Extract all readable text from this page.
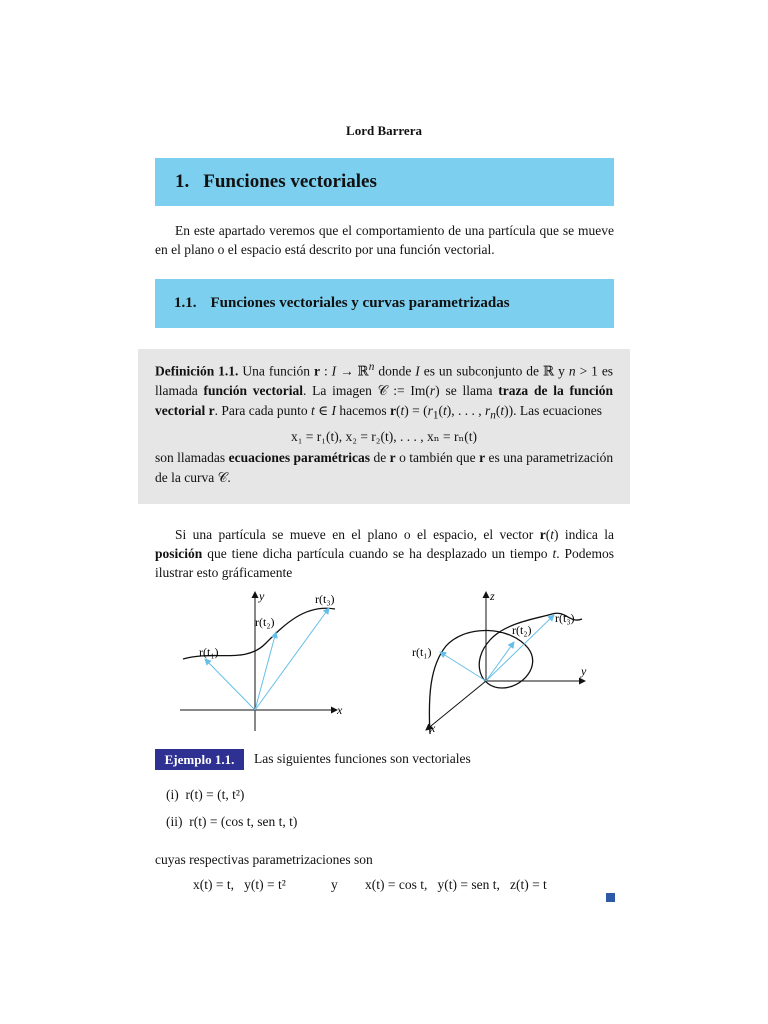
Lord Barrera
1. Funciones vectoriales
En este apartado veremos que el comportamiento de una partícula que se mueve en el plano o el espacio está descrito por una función vectorial.
1.1. Funciones vectoriales y curvas parametrizadas
Definición 1.1. Una función r : I → ℝ$^n$ donde I es un subconjunto de ℝ y n > 1 es llamada función vectorial. La imagen 𝒞 := Im(r) se llama traza de la función vectorial r. Para cada punto t ∈ I hacemos $r(t) = (r_1(t)$, . . . , $r_n(t)$). Las ecuaciones
x₁ = r₁(t), x₂ = r₂(t), . . . , xₙ = rₙ(t)
son llamadas ecuaciones paramétricas de r o también que r es una parametrización de la curva 𝒞.
Si una partícula se mueve en el plano o el espacio, el vector r(t) indica la posición que tiene dicha partícula cuando se ha desplazado un tiempo t. Podemos ilustrar esto gráficamente
x
y
r(t₁)
r(t₂)
r(t₃)	z
y
x
r(t₁)
r(t₂)
r(t₃)
Ejemplo 1.1.	Las siguientes funciones son vectoriales
(i) r(t) = (t, t²)
(ii) r(t) = (cos t, sen t, t)
cuyas respectivas parametrizaciones son
x(t) = t,   y(t) = t²	y x(t) = cos t,   y(t) = sen t,   z(t) = t
